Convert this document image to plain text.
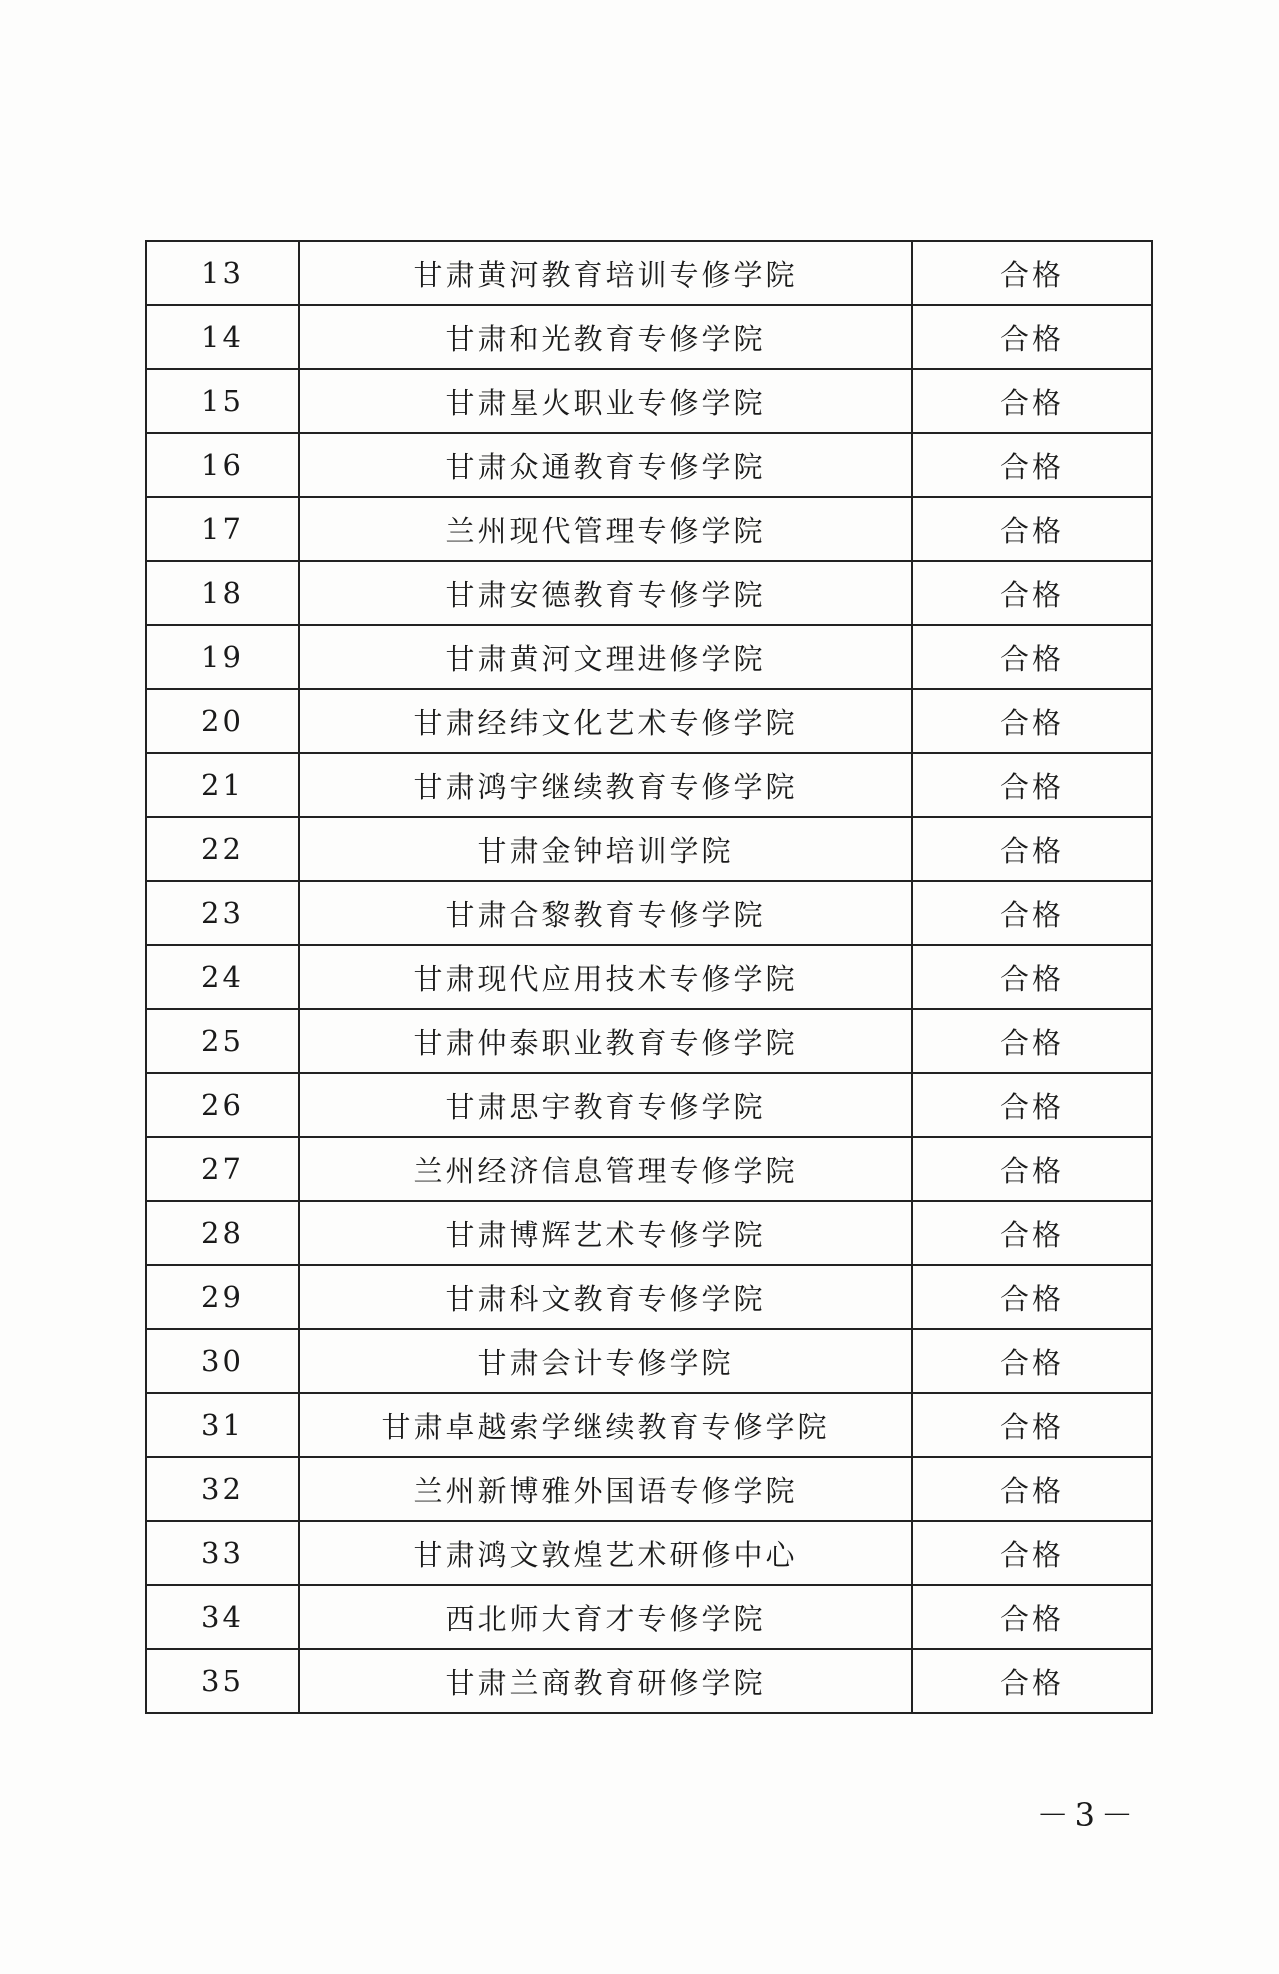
13	甘肃黄河教育培训专修学院	合格
14	甘肃和光教育专修学院	合格
15	甘肃星火职业专修学院	合格
16	甘肃众通教育专修学院	合格
17	兰州现代管理专修学院	合格
18	甘肃安德教育专修学院	合格
19	甘肃黄河文理进修学院	合格
20	甘肃经纬文化艺术专修学院	合格
21	甘肃鸿宇继续教育专修学院	合格
22	甘肃金钟培训学院	合格
23	甘肃合黎教育专修学院	合格
24	甘肃现代应用技术专修学院	合格
25	甘肃仲泰职业教育专修学院	合格
26	甘肃思宇教育专修学院	合格
27	兰州经济信息管理专修学院	合格
28	甘肃博辉艺术专修学院	合格
29	甘肃科文教育专修学院	合格
30	甘肃会计专修学院	合格
31	甘肃卓越索学继续教育专修学院	合格
32	兰州新博雅外国语专修学院	合格
33	甘肃鸿文敦煌艺术研修中心	合格
34	西北师大育才专修学院	合格
35	甘肃兰商教育研修学院	合格
－3－
